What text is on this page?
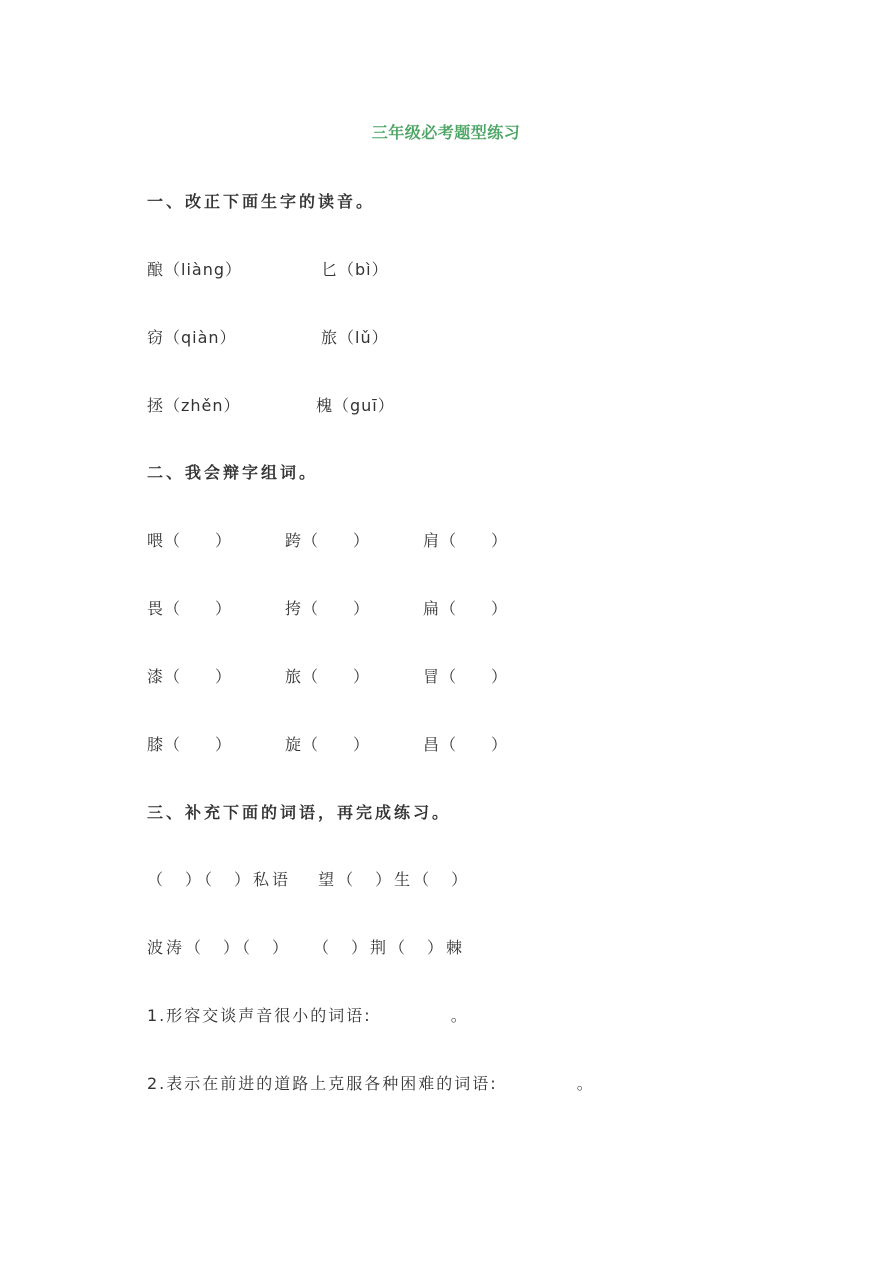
三年级必考题型练习
一、改正下面生字的读音。
酿（liàng）	匕（bì）
窃（qiàn）	旅（lǔ）
拯（zhěn）	槐（guī）
二、我会辩字组词。
喂（　　）	跨（　　）	肩（　　）
畏（　　）	挎（　　）	扁（　　）
漆（　　）	旅（　　）	冒（　　）
膝（　　）	旋（　　）	昌（　　）
三、补充下面的词语，再完成练习。
（　）（　）私语　 望（　）生（　）
波涛（　）（　）　　（　）荆（　）棘
1.形容交谈声音很小的词语:　　　　 。
2.表示在前进的道路上克服各种困难的词语:　　　　 。
